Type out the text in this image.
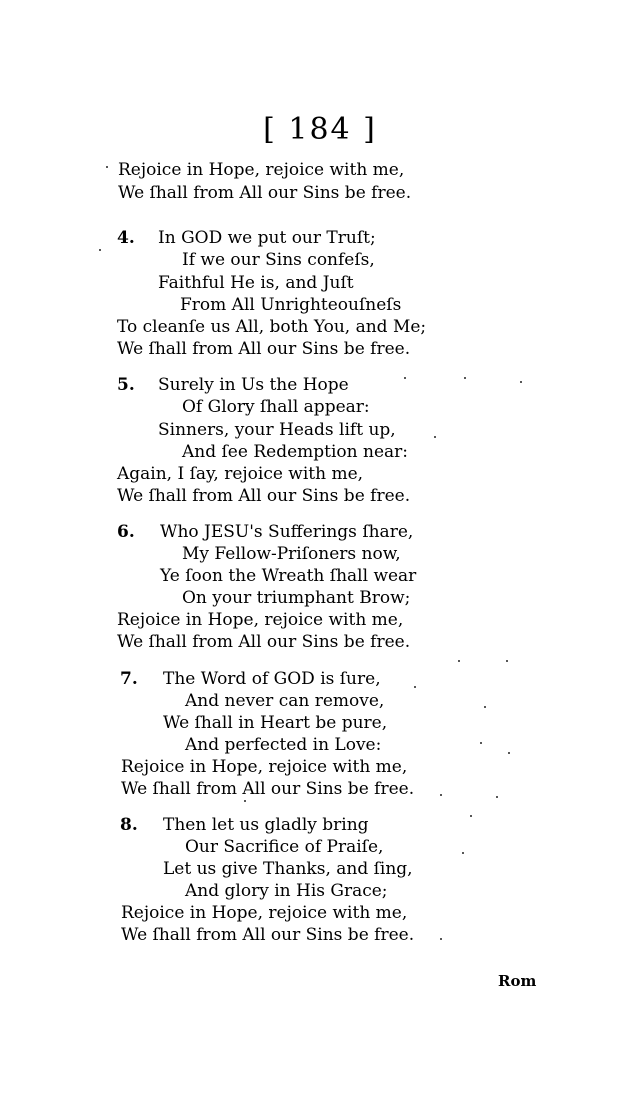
[ 184 ]
Rejoice in Hope, rejoice with me,
We ſhall from All our Sins be free.
4. In GOD we put our Truſt;
If we our Sins confeſs,
Faithful He is, and Juſt
From All Unrighteouſneſs
To cleanſe us All, both You, and Me;
We ſhall from All our Sins be free.
5. Surely in Us the Hope
Of Glory ſhall appear:
Sinners, your Heads lift up,
And ſee Redemption near:
Again, I ſay, rejoice with me,
We ſhall from All our Sins be free.
6. Who JESU's Sufferings ſhare,
My Fellow-Priſoners now,
Ye ſoon the Wreath ſhall wear
On your triumphant Brow;
Rejoice in Hope, rejoice with me,
We ſhall from All our Sins be free.
7. The Word of GOD is ſure,
And never can remove,
We ſhall in Heart be pure,
And perfected in Love:
Rejoice in Hope, rejoice with me,
We ſhall from All our Sins be free.
8. Then let us gladly bring
Our Sacrifice of Praiſe,
Let us give Thanks, and ſing,
And glory in His Grace;
Rejoice in Hope, rejoice with me,
We ſhall from All our Sins be free.
Rom
